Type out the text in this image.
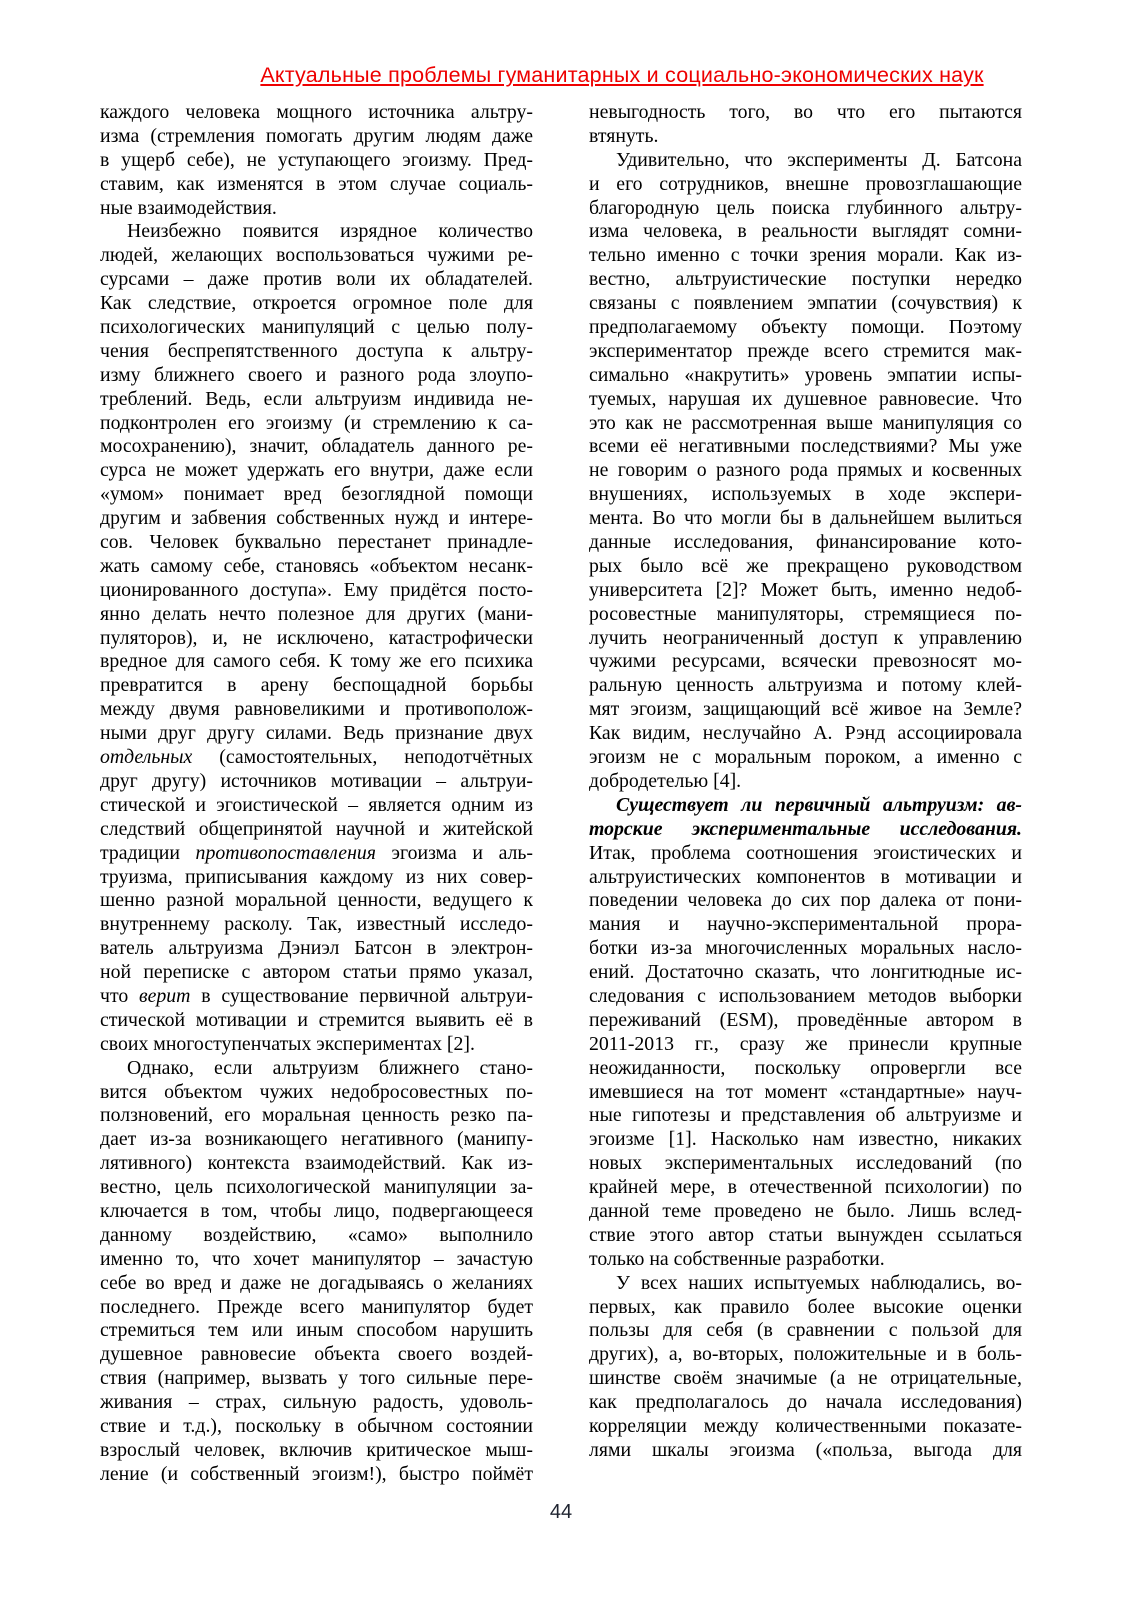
Актуальные проблемы гуманитарных и социально-экономических наук
каждого человека мощного источника альтру-
изма (стремления помогать другим людям даже
в ущерб себе), не уступающего эгоизму. Пред-
ставим, как изменятся в этом случае социаль-
ные взаимодействия.
Неизбежно появится изрядное количество
людей, желающих воспользоваться чужими ре-
сурсами – даже против воли их обладателей.
Как следствие, откроется огромное поле для
психологических манипуляций с целью полу-
чения беспрепятственного доступа к альтру-
изму ближнего своего и разного рода злоупо-
треблений. Ведь, если альтруизм индивида не-
подконтролен его эгоизму (и стремлению к са-
мосохранению), значит, обладатель данного ре-
сурса не может удержать его внутри, даже если
«умом» понимает вред безоглядной помощи
другим и забвения собственных нужд и интере-
сов. Человек буквально перестанет принадле-
жать самому себе, становясь «объектом несанк-
ционированного доступа». Ему придётся посто-
янно делать нечто полезное для других (мани-
пуляторов), и, не исключено, катастрофически
вредное для самого себя. К тому же его психика
превратится в арену беспощадной борьбы
между двумя равновеликими и противополож-
ными друг другу силами. Ведь признание двух
отдельных (самостоятельных, неподотчётных
друг другу) источников мотивации – альтруи-
стической и эгоистической – является одним из
следствий общепринятой научной и житейской
традиции противопоставления эгоизма и аль-
труизма, приписывания каждому из них совер-
шенно разной моральной ценности, ведущего к
внутреннему расколу. Так, известный исследо-
ватель альтруизма Дэниэл Батсон в электрон-
ной переписке с автором статьи прямо указал,
что верит в существование первичной альтруи-
стической мотивации и стремится выявить её в
своих многоступенчатых экспериментах [2].
Однако, если альтруизм ближнего стано-
вится объектом чужих недобросовестных по-
ползновений, его моральная ценность резко па-
дает из-за возникающего негативного (манипу-
лятивного) контекста взаимодействий. Как из-
вестно, цель психологической манипуляции за-
ключается в том, чтобы лицо, подвергающееся
данному воздействию, «само» выполнило
именно то, что хочет манипулятор – зачастую
себе во вред и даже не догадываясь о желаниях
последнего. Прежде всего манипулятор будет
стремиться тем или иным способом нарушить
душевное равновесие объекта своего воздей-
ствия (например, вызвать у того сильные пере-
живания – страх, сильную радость, удоволь-
ствие и т.д.), поскольку в обычном состоянии
взрослый человек, включив критическое мыш-
ление (и собственный эгоизм!), быстро поймёт
невыгодность того, во что его пытаются
втянуть.
Удивительно, что эксперименты Д. Батсона
и его сотрудников, внешне провозглашающие
благородную цель поиска глубинного альтру-
изма человека, в реальности выглядят сомни-
тельно именно с точки зрения морали. Как из-
вестно, альтруистические поступки нередко
связаны с появлением эмпатии (сочувствия) к
предполагаемому объекту помощи. Поэтому
экспериментатор прежде всего стремится мак-
симально «накрутить» уровень эмпатии испы-
туемых, нарушая их душевное равновесие. Что
это как не рассмотренная выше манипуляция со
всеми её негативными последствиями? Мы уже
не говорим о разного рода прямых и косвенных
внушениях, используемых в ходе экспери-
мента. Во что могли бы в дальнейшем вылиться
данные исследования, финансирование кото-
рых было всё же прекращено руководством
университета [2]? Может быть, именно недоб-
росовестные манипуляторы, стремящиеся по-
лучить неограниченный доступ к управлению
чужими ресурсами, всячески превозносят мо-
ральную ценность альтруизма и потому клей-
мят эгоизм, защищающий всё живое на Земле?
Как видим, неслучайно А. Рэнд ассоциировала
эгоизм не с моральным пороком, а именно с
добродетелью [4].
Существует ли первичный альтруизм: ав-
торские экспериментальные исследования.
Итак, проблема соотношения эгоистических и
альтруистических компонентов в мотивации и
поведении человека до сих пор далека от пони-
мания и научно-экспериментальной прора-
ботки из-за многочисленных моральных насло-
ений. Достаточно сказать, что лонгитюдные ис-
следования с использованием методов выборки
переживаний (ESM), проведённые автором в
2011-2013 гг., сразу же принесли крупные
неожиданности, поскольку опровергли все
имевшиеся на тот момент «стандартные» науч-
ные гипотезы и представления об альтруизме и
эгоизме [1]. Насколько нам известно, никаких
новых экспериментальных исследований (по
крайней мере, в отечественной психологии) по
данной теме проведено не было. Лишь вслед-
ствие этого автор статьи вынужден ссылаться
только на собственные разработки.
У всех наших испытуемых наблюдались, во-
первых, как правило более высокие оценки
пользы для себя (в сравнении с пользой для
других), а, во-вторых, положительные и в боль-
шинстве своём значимые (а не отрицательные,
как предполагалось до начала исследования)
корреляции между количественными показате-
лями шкалы эгоизма («польза, выгода для
44
